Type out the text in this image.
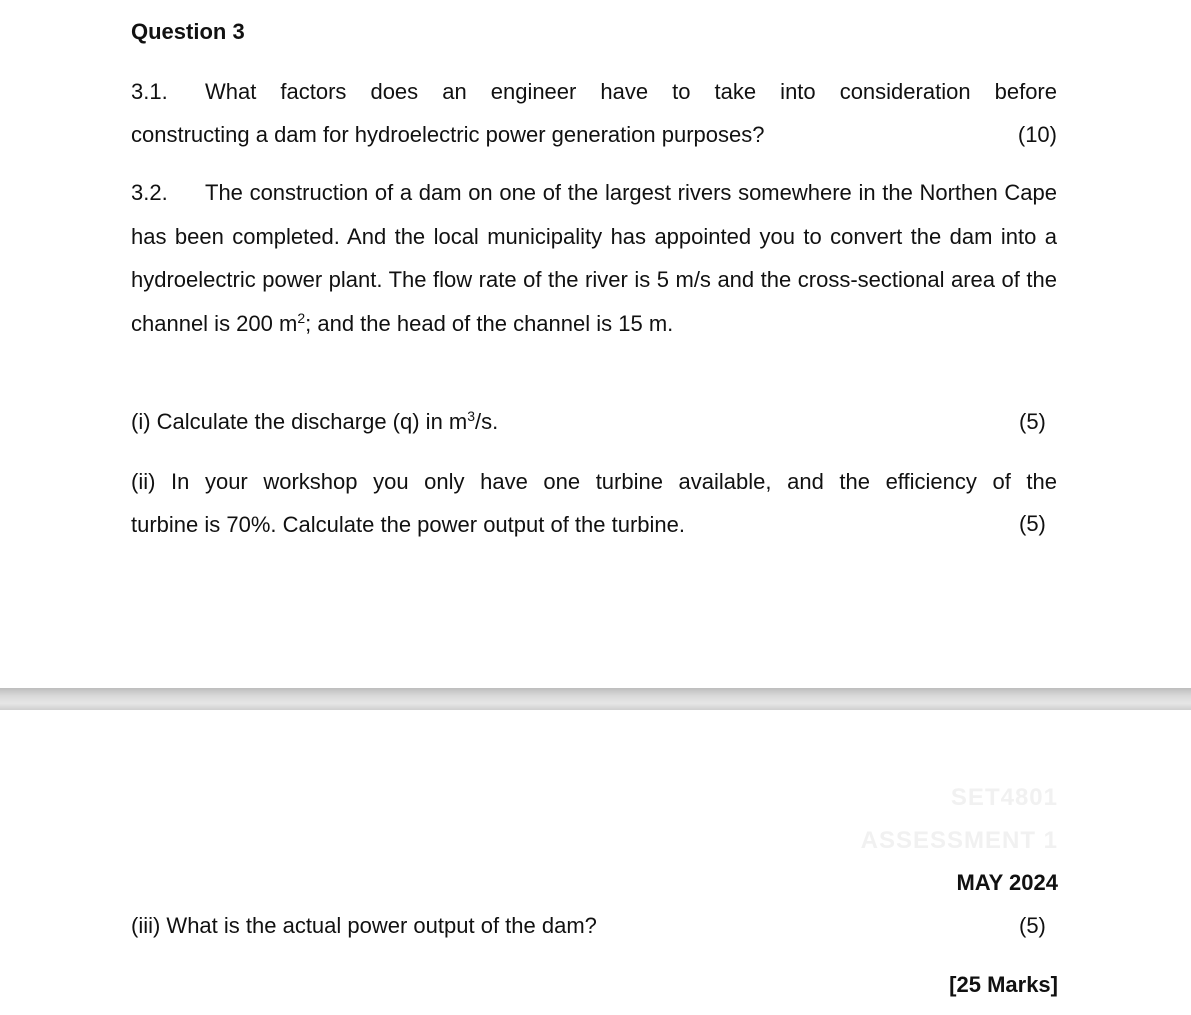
Question 3
3.1. What factors does an engineer have to take into consideration before
constructing a dam for hydroelectric power generation purposes?	(10)
3.2. The construction of a dam on one of the largest rivers somewhere in the Northen Cape has been completed. And the local municipality has appointed you to convert the dam into a hydroelectric power plant. The flow rate of the river is 5 m/s and the cross-sectional area of the channel is 200 $m^2$; and the head of the channel is 15 m.
(i) Calculate the discharge (q) in $m^3/s$.	(5)
(ii) In your workshop you only have one turbine available, and the efficiency of the
turbine is 70%. Calculate the power output of the turbine.	(5)
SET4801
ASSESSMENT 1
MAY 2024
(iii) What is the actual power output of the dam?	(5)
[25 Marks]
